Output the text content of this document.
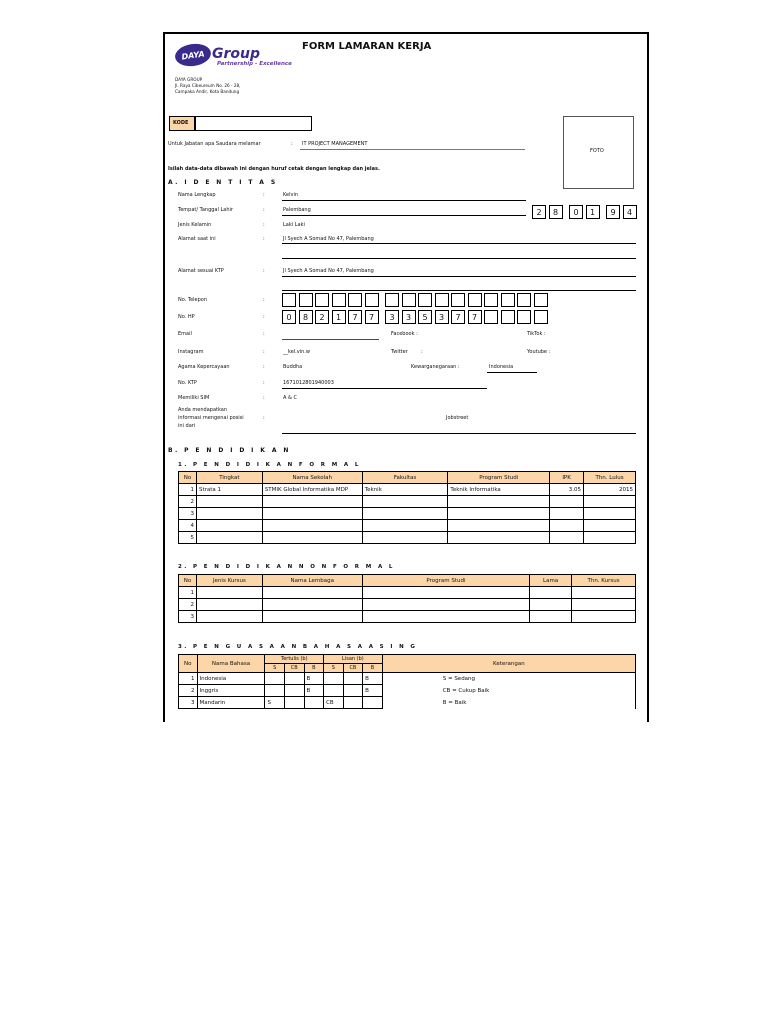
DAYA Group
Partnership - Excellence
FORM LAMARAN KERJA
DAYA GROUP
Jl. Raya Cibeureum No. 26 - 28,
Campaka Andir, Kota Bandung
KODE
FOTO
Untuk Jabatan apa Saudara melamar	: IT PROJECT MANAGEMENT
Isilah data-data dibawah ini dengan huruf cetak dengan lengkap dan jelas.
A. I D E N T I T A S
Nama Lengkap	:	Kelvin
Tempat/ Tanggal Lahir	:	Palembang	2	8	0	1	9	4
Jenis Kelamin	:	Laki Laki
Alamat saat ini	:	Jl Syech A Somad No 47, Palembang
Alamat sesuai KTP	:	Jl Syech A Somad No 47, Palembang
No. Telepon	:
No. HP	:	0	8	2	1	7	7	3	3	5	3	7	7
Email	:	Facebook :	TikTok :
Instagram	:	__kel.vin.w	Twitter	:	Youtube :
Agama Kepercayaan	:	Buddha	Kewarganegaraan :	Indonesia
No. KTP	:	1671012801940003
Memiliki SIM	:	A & C
Anda mendapatkan
informasi mengenai posisi
ini dari
:	Jobstreet
B. P E N D I D I K A N
1. P E N D I D I K A N F O R M A L
No	Tingkat	Nama Sekolah	Fakultas	Program Studi	IPK	Thn. Lulus
1	Strata 1	STMIK Global Informatika MDP	Teknik	Teknik Informatika	3.05	2015
2						
3						
4						
5						
2. P E N D I D I K A N N O N F O R M A L
No	Jenis Kursus	Nama Lembaga	Program Studi	Lama	Thn. Kursus
1					
2					
3					
3. P E N G U A S A A N B A H A S A A S I N G
No	Nama Bahasa	Tertulis (b)			Lisan (b)			Keterangan
		S	CB	B	S	CB	B	
1	Indonesia			B			B	S = Sedang
2	Inggris			B			B	CB = Cukup Baik
3	Mandarin	S			CB			B = Baik
